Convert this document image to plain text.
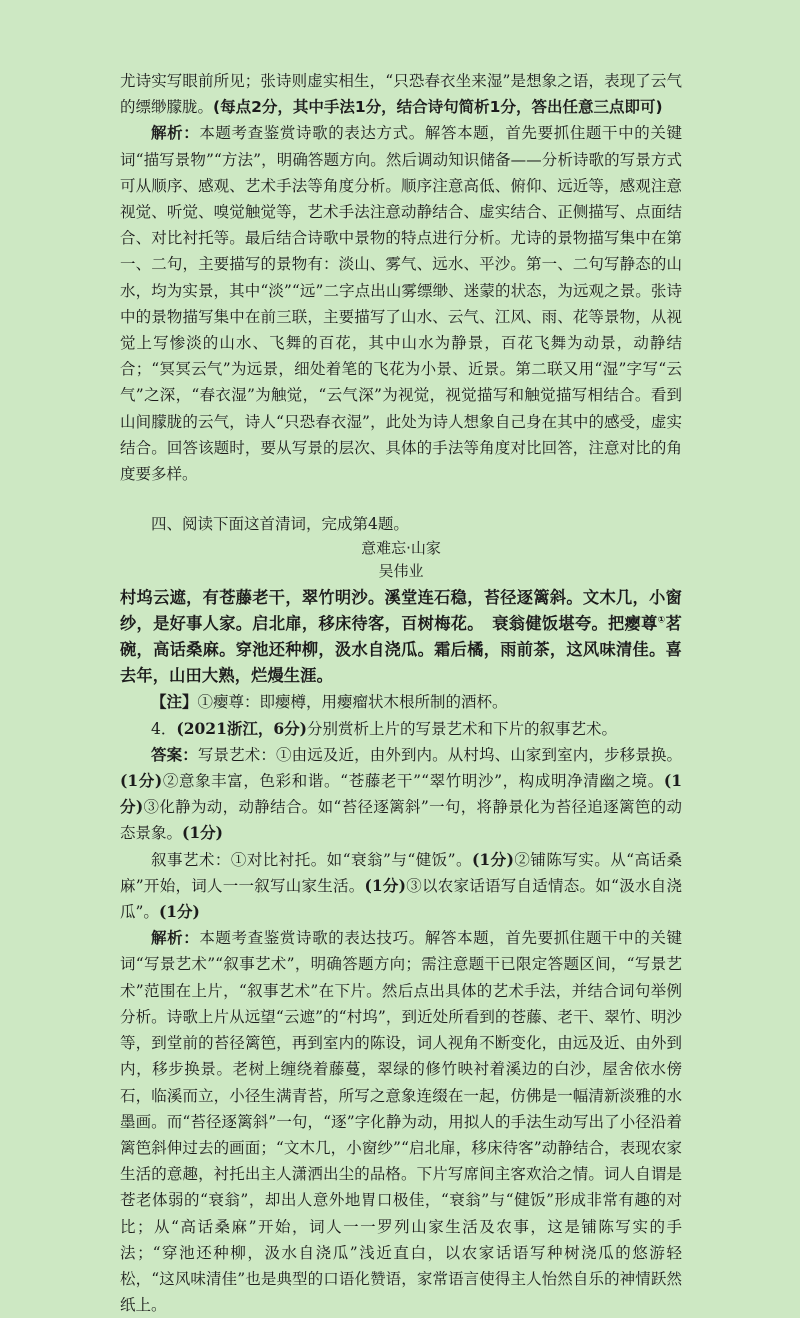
尤诗实写眼前所见；张诗则虚实相生，“只恐春衣坐来湿”是想象之语，表现了云气的缥缈朦胧。(每点2分，其中手法1分，结合诗句简析1分，答出任意三点即可)

解析：本题考查鉴赏诗歌的表达方式。解答本题，首先要抓住题干中的关键词“描写景物”“方法”，明确答题方向。然后调动知识储备——分析诗歌的写景方式可从顺序、感观、艺术手法等角度分析。顺序注意高低、俯仰、远近等，感观注意视觉、听觉、嗅觉触觉等，艺术手法注意动静结合、虚实结合、正侧描写、点面结合、对比衬托等。最后结合诗歌中景物的特点进行分析。尤诗的景物描写集中在第一、二句，主要描写的景物有：淡山、雾气、远水、平沙。第一、二句写静态的山水，均为实景，其中“淡”“远”二字点出山雾缥缈、迷蒙的状态，为远观之景。张诗中的景物描写集中在前三联，主要描写了山水、云气、江风、雨、花等景物，从视觉上写惨淡的山水、飞舞的百花，其中山水为静景，百花飞舞为动景，动静结合；“冥冥云气”为远景，细处着笔的飞花为小景、近景。第二联又用“湿”字写“云气”之深，“春衣湿”为触觉，“云气深”为视觉，视觉描写和触觉描写相结合。看到山间朦胧的云气，诗人“只恐春衣湿”，此处为诗人想象自己身在其中的感受，虚实结合。回答该题时，要从写景的层次、具体的手法等角度对比回答，注意对比的角度要多样。

四、阅读下面这首清词，完成第4题。

意难忘·山家

吴伟业

村坞云遮，有苍藤老干，翠竹明沙。溪堂连石稳，苔径逐篱斜。文木几，小窗纱，是好事人家。启北扉，移床待客，百树梅花。　衰翁健饭堪夸。把瘿尊①茗碗，高话桑麻。穿池还种柳，汲水自浇瓜。霜后橘，雨前茶，这风味清佳。喜去年，山田大熟，烂熳生涯。

【注】①瘿尊：即瘿樽，用瘿瘤状木根所制的酒杯。

4．(2021浙江，6分)分别赏析上片的写景艺术和下片的叙事艺术。

答案：写景艺术：①由远及近，由外到内。从村坞、山家到室内，步移景换。(1分)②意象丰富，色彩和谐。“苍藤老干”“翠竹明沙”，构成明净清幽之境。(1分)③化静为动，动静结合。如“苔径逐篱斜”一句，将静景化为苔径追逐篱笆的动态景象。(1分)

叙事艺术：①对比衬托。如“衰翁”与“健饭”。(1分)②铺陈写实。从“高话桑麻”开始，词人一一叙写山家生活。(1分)③以农家话语写自适情态。如“汲水自浇瓜”。(1分)

解析：本题考查鉴赏诗歌的表达技巧。解答本题，首先要抓住题干中的关键词“写景艺术”“叙事艺术”，明确答题方向；需注意题干已限定答题区间，“写景艺术”范围在上片，“叙事艺术”在下片。然后点出具体的艺术手法，并结合词句举例分析。诗歌上片从远望“云遮”的“村坞”，到近处所看到的苍藤、老干、翠竹、明沙等，到堂前的苔径篱笆，再到室内的陈设，词人视角不断变化，由远及近、由外到内，移步换景。老树上缠绕着藤蔓，翠绿的修竹映衬着溪边的白沙，屋舍依水傍石，临溪而立，小径生满青苔，所写之意象连缀在一起，仿佛是一幅清新淡雅的水墨画。而“苔径逐篱斜”一句，“逐”字化静为动，用拟人的手法生动写出了小径沿着篱笆斜伸过去的画面；“文木几，小窗纱”“启北扉，移床待客”动静结合，表现农家生活的意趣，衬托出主人潇洒出尘的品格。下片写席间主客欢洽之情。词人自谓是苍老体弱的“衰翁”，却出人意外地胃口极佳，“衰翁”与“健饭”形成非常有趣的对比；从“高话桑麻”开始，词人一一罗列山家生活及农事，这是铺陈写实的手法；“穿池还种柳，汲水自浇瓜”浅近直白，以农家话语写种树浇瓜的悠游轻松，“这风味清佳”也是典型的口语化赞语，家常语言使得主人怡然自乐的神情跃然纸上。
